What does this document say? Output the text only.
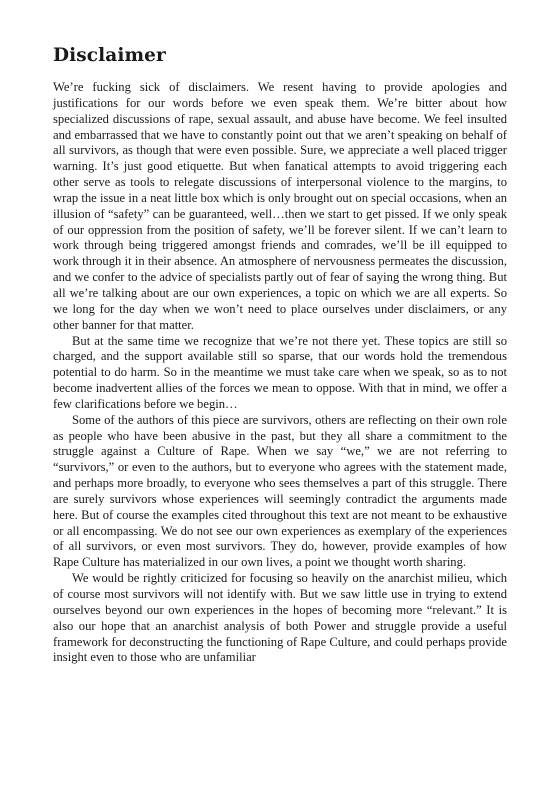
Disclaimer

We’re fucking sick of disclaimers. We resent having to provide apologies and justifications for our words before we even speak them. We’re bitter about how specialized discussions of rape, sexual assault, and abuse have become. We feel insulted and embarrassed that we have to constantly point out that we aren’t speaking on behalf of all survivors, as though that were even possible. Sure, we appreciate a well placed trigger warning. It’s just good etiquette. But when fanatical attempts to avoid triggering each other serve as tools to relegate discussions of interpersonal violence to the margins, to wrap the issue in a neat little box which is only brought out on special occasions, when an illusion of “safety” can be guaranteed, well…then we start to get pissed. If we only speak of our oppression from the position of safety, we’ll be forever silent. If we can’t learn to work through being triggered amongst friends and comrades, we’ll be ill equipped to work through it in their absence. An atmosphere of nervousness permeates the discussion, and we confer to the advice of specialists partly out of fear of saying the wrong thing. But all we’re talking about are our own experiences, a topic on which we are all experts. So we long for the day when we won’t need to place ourselves under disclaimers, or any other banner for that matter.

But at the same time we recognize that we’re not there yet. These topics are still so charged, and the support available still so sparse, that our words hold the tremendous potential to do harm. So in the meantime we must take care when we speak, so as to not become inadvertent allies of the forces we mean to oppose. With that in mind, we offer a few clarifications before we begin…

Some of the authors of this piece are survivors, others are reflecting on their own role as people who have been abusive in the past, but they all share a commitment to the struggle against a Culture of Rape. When we say “we,” we are not referring to “survivors,” or even to the authors, but to everyone who agrees with the statement made, and perhaps more broadly, to everyone who sees themselves a part of this struggle. There are surely survivors whose experiences will seemingly contradict the arguments made here. But of course the examples cited throughout this text are not meant to be exhaustive or all encompassing. We do not see our own experiences as exemplary of the experiences of all survivors, or even most survivors. They do, however, provide examples of how Rape Culture has materialized in our own lives, a point we thought worth sharing.

We would be rightly criticized for focusing so heavily on the anarchist milieu, which of course most survivors will not identify with. But we saw little use in trying to extend ourselves beyond our own experiences in the hopes of becoming more “relevant.” It is also our hope that an anarchist analysis of both Power and struggle provide a useful framework for deconstructing the functioning of Rape Culture, and could perhaps provide insight even to those who are unfamiliar
